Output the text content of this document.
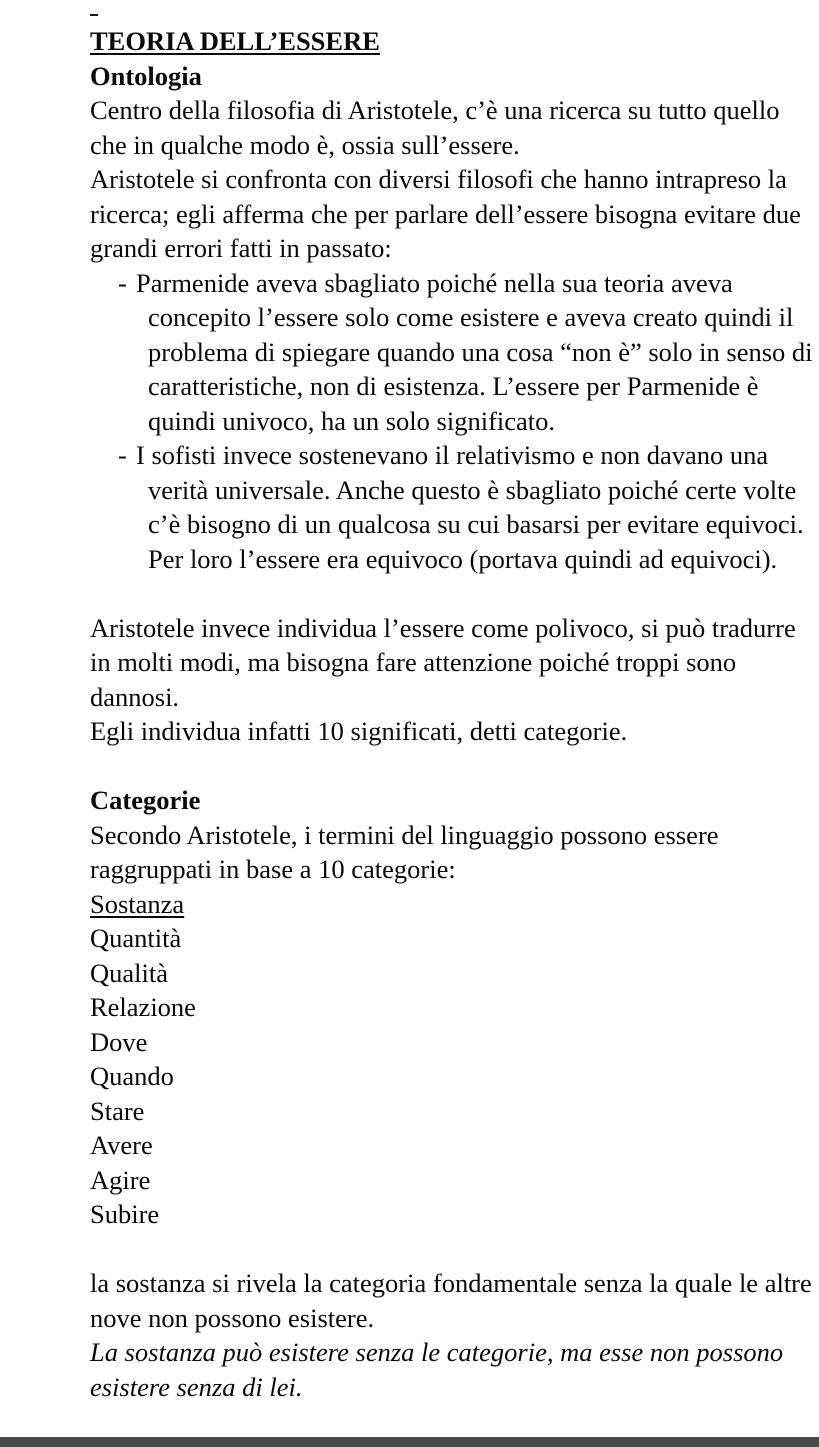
TEORIA DELL’ESSERE
Ontologia

Centro della filosofia di Aristotele, c’è una ricerca su tutto quello che in qualche modo è, ossia sull’essere.

Aristotele si confronta con diversi filosofi che hanno intrapreso la ricerca; egli afferma che per parlare dell’essere bisogna evitare due grandi errori fatti in passato:

- Parmenide aveva sbagliato poiché nella sua teoria aveva concepito l’essere solo come esistere e aveva creato quindi il problema di spiegare quando una cosa “non è” solo in senso di caratteristiche, non di esistenza. L’essere per Parmenide è quindi univoco, ha un solo significato.
- I sofisti invece sostenevano il relativismo e non davano una verità universale. Anche questo è sbagliato poiché certe volte c’è bisogno di un qualcosa su cui basarsi per evitare equivoci. Per loro l’essere era equivoco (portava quindi ad equivoci).

Aristotele invece individua l’essere come polivoco, si può tradurre in molti modi, ma bisogna fare attenzione poiché troppi sono dannosi.

Egli individua infatti 10 significati, detti categorie.

Categorie

Secondo Aristotele, i termini del linguaggio possono essere raggruppati in base a 10 categorie:

Sostanza
Quantità
Qualità
Relazione
Dove
Quando
Stare
Avere
Agire
Subire

la sostanza si rivela la categoria fondamentale senza la quale le altre nove non possono esistere.

La sostanza può esistere senza le categorie, ma esse non possono esistere senza di lei.
